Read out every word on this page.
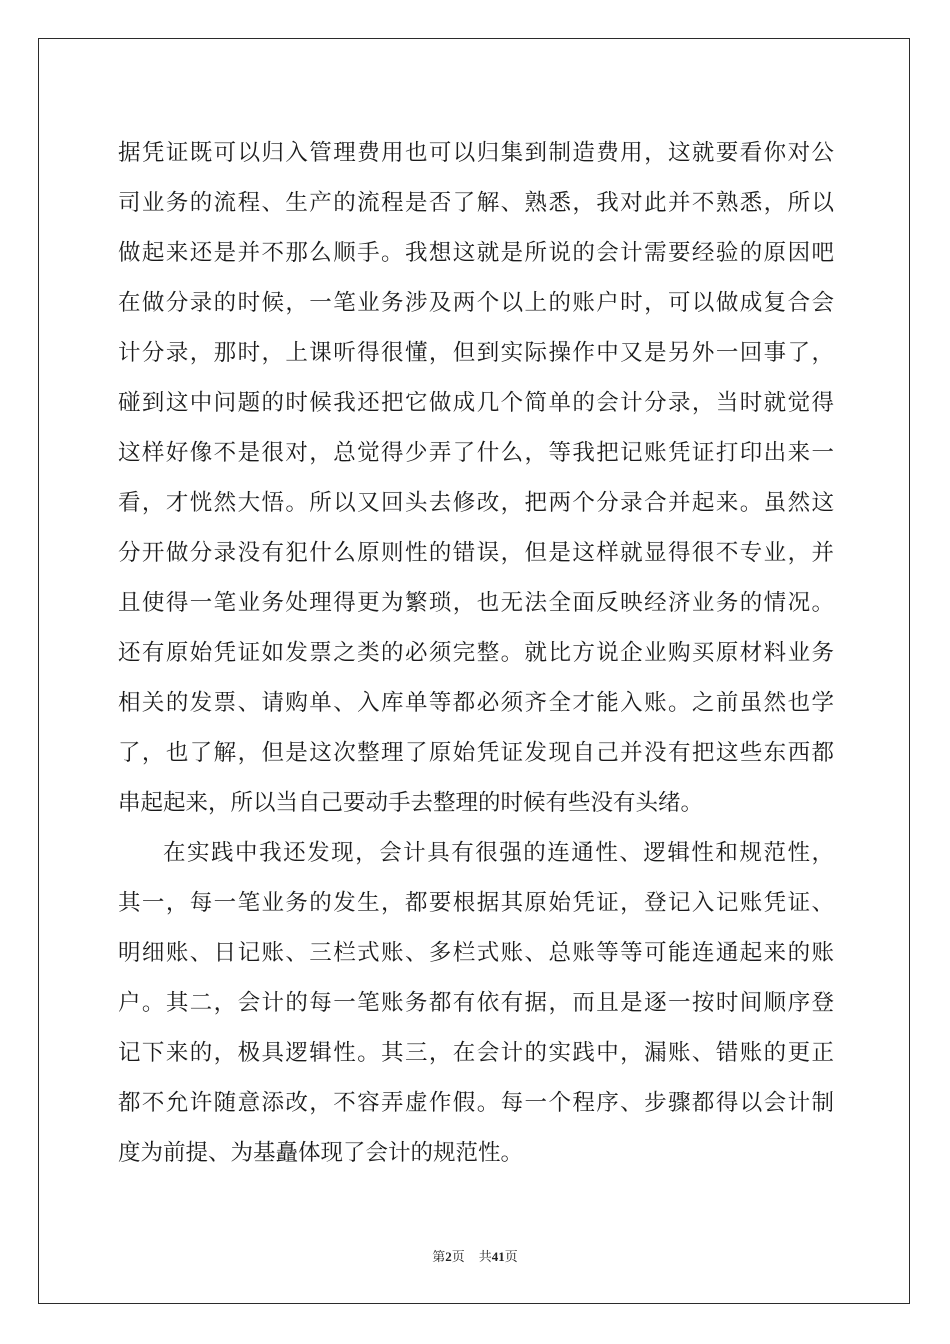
据凭证既可以归入管理费用也可以归集到制造费用，这就要看你对公
司业务的流程、生产的流程是否了解、熟悉，我对此并不熟悉，所以
做起来还是并不那么顺手。我想这就是所说的会计需要经验的原因吧
在做分录的时候，一笔业务涉及两个以上的账户时，可以做成复合会
计分录，那时，上课听得很懂，但到实际操作中又是另外一回事了，
碰到这中问题的时候我还把它做成几个简单的会计分录，当时就觉得
这样好像不是很对，总觉得少弄了什么，等我把记账凭证打印出来一
看，才恍然大悟。所以又回头去修改，把两个分录合并起来。虽然这
分开做分录没有犯什么原则性的错误，但是这样就显得很不专业，并
且使得一笔业务处理得更为繁琐，也无法全面反映经济业务的情况。
还有原始凭证如发票之类的必须完整。就比方说企业购买原材料业务
相关的发票、请购单、入库单等都必须齐全才能入账。之前虽然也学
了，也了解，但是这次整理了原始凭证发现自己并没有把这些东西都
串起起来，所以当自己要动手去整理的时候有些没有头绪。
在实践中我还发现，会计具有很强的连通性、逻辑性和规范性，
其一，每一笔业务的发生，都要根据其原始凭证，登记入记账凭证、
明细账、日记账、三栏式账、多栏式账、总账等等可能连通起来的账
户。其二，会计的每一笔账务都有依有据，而且是逐一按时间顺序登
记下来的，极具逻辑性。其三，在会计的实践中，漏账、错账的更正
都不允许随意添改，不容弄虚作假。每一个程序、步骤都得以会计制
度为前提、为基矗体现了会计的规范性。
第2页 共41页
